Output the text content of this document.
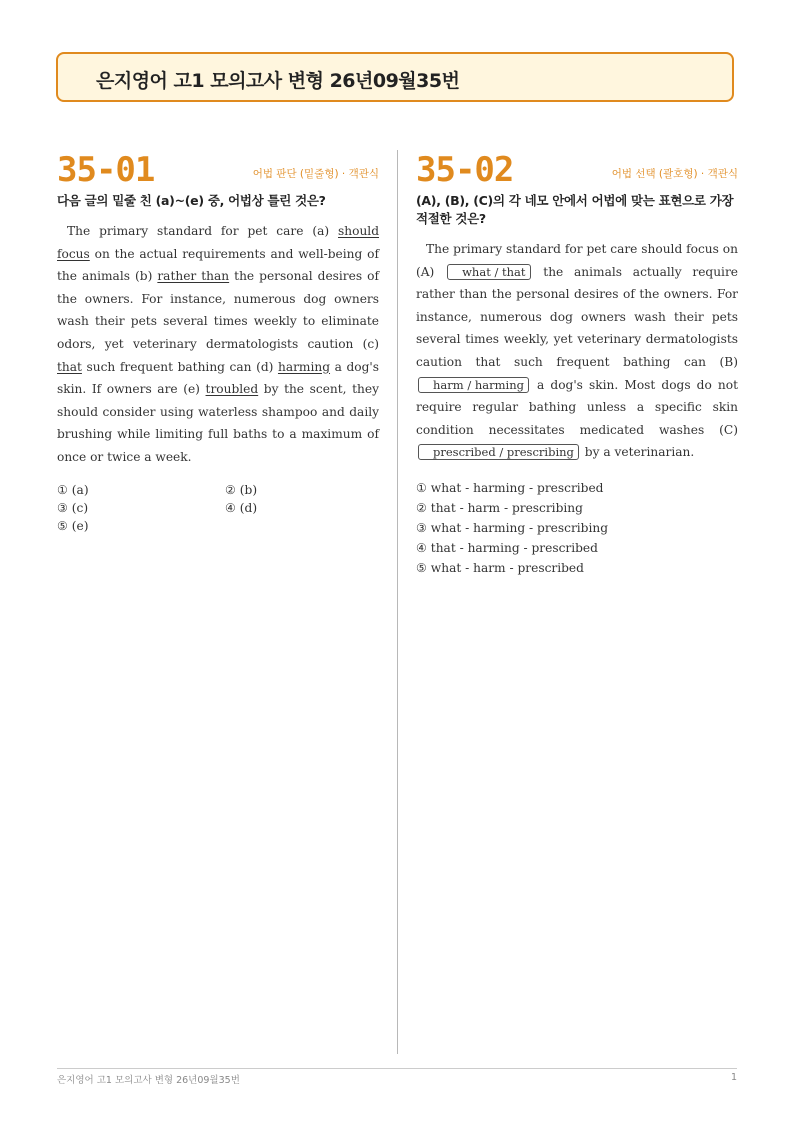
은지영어 고1 모의고사 변형 26년09월35번
35-01	어법 판단 (밑줄형) · 객관식
다음 글의 밑줄 친 (a)~(e) 중, 어법상 틀린 것은?
The primary standard for pet care (a) should focus on the actual requirements and well-being of the animals (b) rather than the personal desires of the owners. For instance, numerous dog owners wash their pets several times weekly to eliminate odors, yet veterinary dermatologists caution (c) that such frequent bathing can (d) harming a dog's skin. If owners are (e) troubled by the scent, they should consider using waterless shampoo and daily brushing while limiting full baths to a maximum of once or twice a week.
① (a)	② (b)
③ (c)	④ (d)
⑤ (e)
35-02	어법 선택 (괄호형) · 객관식
(A), (B), (C)의 각 네모 안에서 어법에 맞는 표현으로 가장 적절한 것은?
The primary standard for pet care should focus on (A) what / that the animals actually require rather than the personal desires of the owners. For instance, numerous dog owners wash their pets several times weekly, yet veterinary dermatologists caution that such frequent bathing can (B) harm / harming a dog's skin. Most dogs do not require regular bathing unless a specific skin condition necessitates medicated washes (C) prescribed / prescribing by a veterinarian.
① what - harming - prescribed
② that - harm - prescribing
③ what - harming - prescribing
④ that - harming - prescribed
⑤ what - harm - prescribed
은지영어 고1 모의고사 변형 26년09월35번	1
